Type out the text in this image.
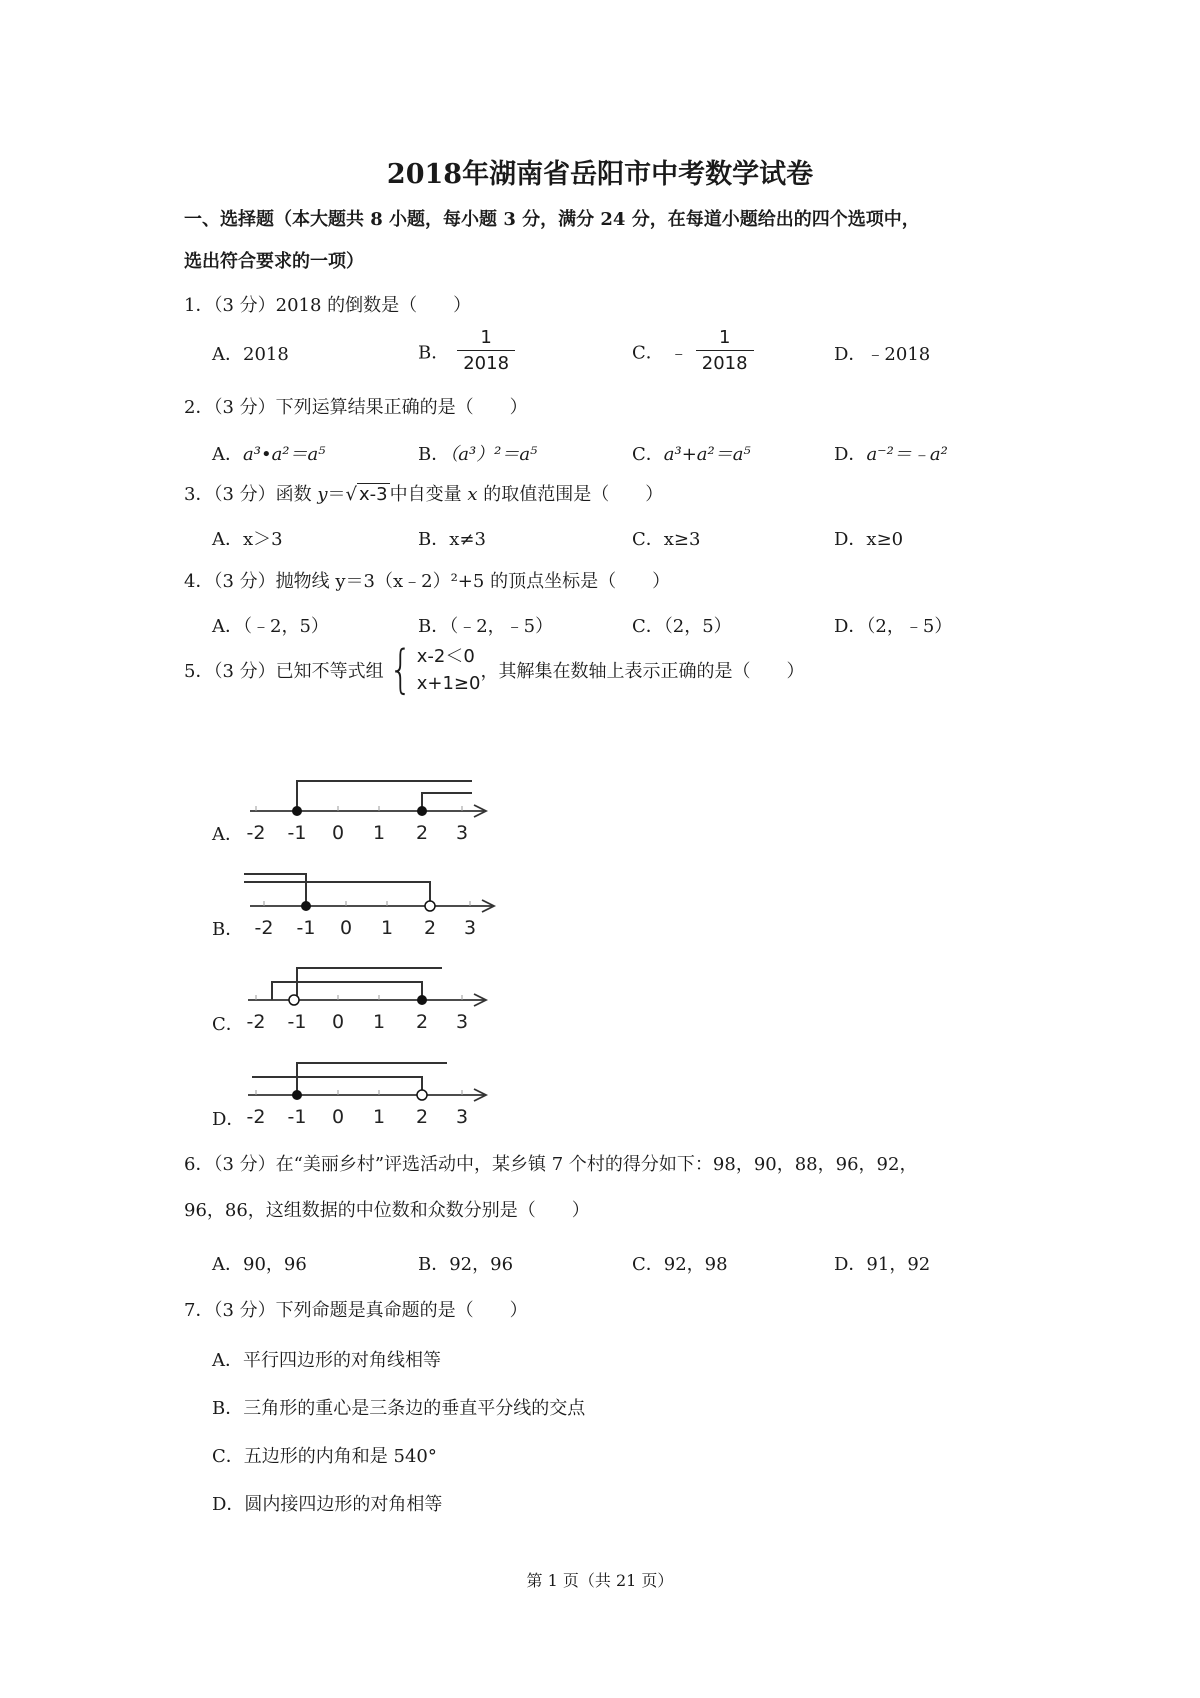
2018年湖南省岳阳市中考数学试卷
一、选择题（本大题共 8 小题，每小题 3 分，满分 24 分，在每道小题给出的四个选项中，
选出符合要求的一项）
1．（3 分）2018 的倒数是（　　）
A．2018	B． $\frac{1}{2018}$	C． ﹣ $\frac{1}{2018}$	D．﹣2018
2．（3 分）下列运算结果正确的是（　　）
A．a³•a²＝a⁵	B．（a³）²＝a⁵	C．a³+a²＝a⁵	D．a⁻²＝﹣a²
3．（3 分）函数 y＝√ x-3 中自变量 x 的取值范围是（　　）
A．x＞3	B．x≠3	C．x≥3	D．x≥0
4．（3 分）抛物线 y＝3（x﹣2）²+5 的顶点坐标是（　　）
A．（﹣2，5）	B．（﹣2，﹣5）	C．（2，5）	D．（2，﹣5）
5．（3 分）已知不等式组{ x-2＜0
x+1≥0
，其解集在数轴上表示正确的是（　　）
A． -2 -1 0 1 2 3
B． -2 -1 0 1 2 3
C． -2 -1 0 1 2 3
D． -2 -1 0 1 2 3
6．（3 分）在“美丽乡村”评选活动中，某乡镇 7 个村的得分如下：98，90，88，96，92，
96，86，这组数据的中位数和众数分别是（　　）
A．90，96	B．92，96	C．92，98	D．91，92
7．（3 分）下列命题是真命题的是（　　）
A．平行四边形的对角线相等
B．三角形的重心是三条边的垂直平分线的交点
C．五边形的内角和是 540°
D．圆内接四边形的对角相等
第 1 页（共 21 页）
